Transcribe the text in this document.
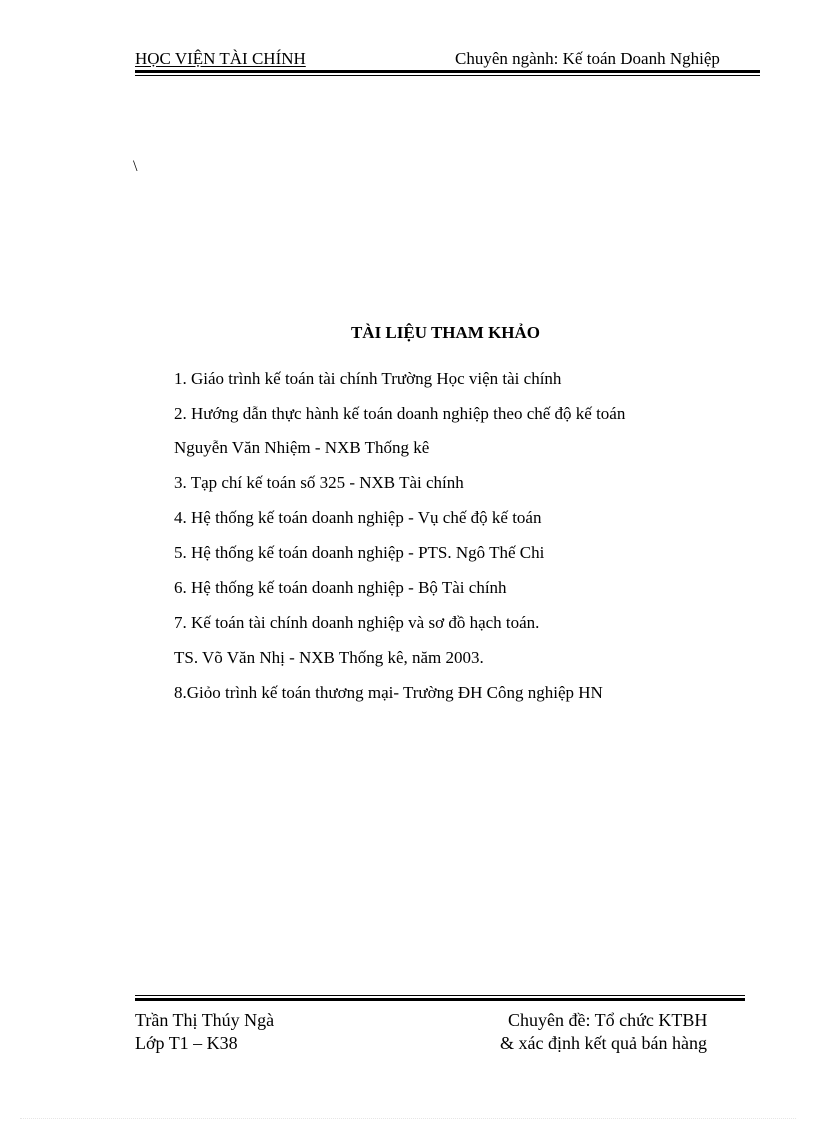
HỌC VIỆN TÀI CHÍNH	Chuyên ngành: Kế toán Doanh Nghiệp
\
TÀI LIỆU THAM KHẢO
1. Giáo trình kế toán tài chính Trường Học viện tài chính
2. Hướng dẫn thực hành kế toán doanh nghiệp theo chế độ kế toán
Nguyễn Văn Nhiệm - NXB Thống kê
3. Tạp chí kế toán số 325 - NXB Tài chính
4. Hệ thống kế toán doanh nghiệp - Vụ chế độ kế toán
5. Hệ thống kế toán doanh nghiệp - PTS. Ngô Thế Chi
6. Hệ thống kế toán doanh nghiệp - Bộ Tài chính
7. Kế toán tài chính doanh nghiệp và sơ đồ hạch toán.
TS. Võ Văn Nhị - NXB Thống kê, năm 2003.
8.Giỏo trình kế toán thương mại- Trường ĐH Công nghiệp HN
Trần Thị Thúy Ngà
Lớp T1 – K38
Chuyên đề: Tổ chức KTBH
& xác định kết quả bán hàng
